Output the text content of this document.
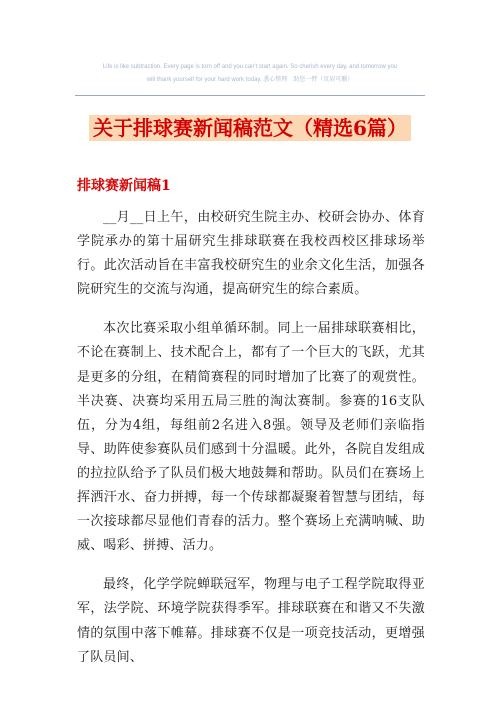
Life is like subtraction. Every page is torn off and you can't start again. So cherish every day, and tomorrow you
will thank yourself for your hard work today. 悉心整理　助您一臂（页眉可删）
关于排球赛新闻稿范文（精选6篇）
排球赛新闻稿1

__月__日上午，由校研究生院主办、校研会协办、体育学院承办的第十届研究生排球联赛在我校西校区排球场举行。此次活动旨在丰富我校研究生的业余文化生活，加强各院研究生的交流与沟通，提高研究生的综合素质。

本次比赛采取小组单循环制。同上一届排球联赛相比，不论在赛制上、技术配合上，都有了一个巨大的飞跃，尤其是更多的分组，在精简赛程的同时增加了比赛了的观赏性。半决赛、决赛均采用五局三胜的淘汰赛制。参赛的16支队伍，分为4组，每组前2名进入8强。领导及老师们亲临指导、助阵使参赛队员们感到十分温暖。此外，各院自发组成的拉拉队给予了队员们极大地鼓舞和帮助。队员们在赛场上挥洒汗水、奋力拼搏，每一个传球都凝聚着智慧与团结，每一次接球都尽显他们青春的活力。整个赛场上充满呐喊、助威、喝彩、拼搏、活力。

最终，化学学院蝉联冠军，物理与电子工程学院取得亚军，法学院、环境学院获得季军。排球联赛在和谐又不失激情的氛围中落下帷幕。排球赛不仅是一项竞技活动，更增强了队员间、
